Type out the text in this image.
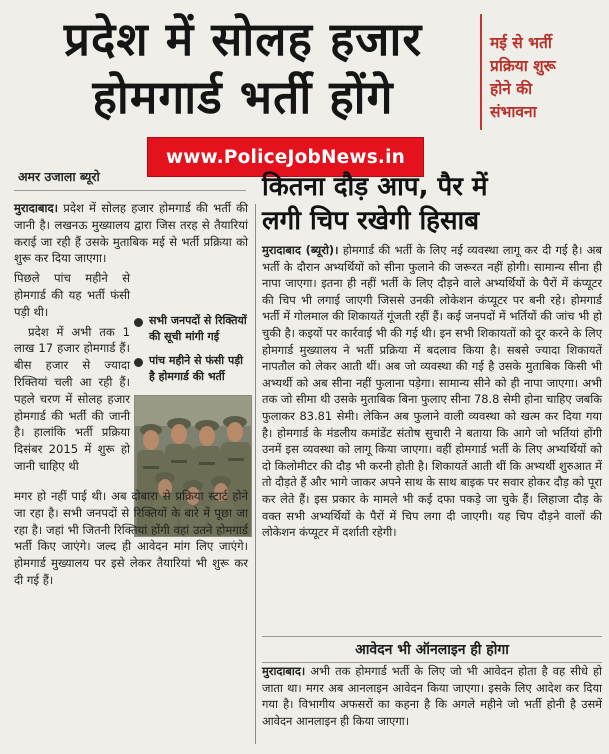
प्रदेश में सोलह हजार
होमगार्ड भर्ती होंगे
मई से भर्ती
प्रक्रिया शुरू
होने की
संभावना
अमर उजाला ब्यूरो
www.PoliceJobNews.in
कितना दौड़ आप, पैर में
लगी चिप रखेगी हिसाब

मुरादाबाद। प्रदेश में सोलह हजार होमगार्ड की भर्ती की जानी है। लखनऊ मुख्यालय द्वारा जिस तरह से तैयारियां कराई जा रही हैं उसके मुताबिक मई से भर्ती प्रक्रिया को शुरू कर दिया जाएगा।

पिछले पांच महीने से होमगार्ड की यह भर्ती फंसी पड़ी थी।

प्रदेश में अभी तक 1 लाख 17 हजार होमगार्ड हैं। बीस हजार से ज्यादा रिक्तियां चली आ रही हैं। पहले चरण में सोलह हजार होमगार्ड की भर्ती की जानी है। हालांकि भर्ती प्रक्रिया दिसंबर 2015 में शुरू हो जानी चाहिए थी

सभी जनपदों से रिक्तियों की सूची मांगी गई
पांच महीने से फंसी पड़ी है होमगार्ड की भर्ती
मगर हो नहीं पाई थी। अब दोबारा से प्रक्रिया स्टार्ट होने जा रहा है। सभी जनपदों से रिक्तियों के बारे में पूछा जा रहा है। जहां भी जितनी रिक्तियां होंगी वहां उतने होमगार्ड भर्ती किए जाएंगे। जल्द ही आवेदन मांग लिए जाएंगे। होमगार्ड मुख्यालय पर इसे लेकर तैयारियां भी शुरू कर दी गई हैं।
मुरादाबाद (ब्यूरो)। होमगार्ड की भर्ती के लिए नई व्यवस्था लागू कर दी गई है। अब भर्ती के दौरान अभ्यर्थियों को सीना फुलाने की जरूरत नहीं होगी। सामान्य सीना ही नापा जाएगा। इतना ही नहीं भर्ती के लिए दौड़ने वाले अभ्यर्थियों के पैरों में कंप्यूटर की चिप भी लगाई जाएगी जिससे उनकी लोकेशन कंप्यूटर पर बनी रहे। होमगार्ड भर्ती में गोलमाल की शिकायतें गूंजती रहीं हैं। कई जनपदों में भर्तियों की जांच भी हो चुकी है। कइयों पर कार्रवाई भी की गई थी। इन सभी शिकायतों को दूर करने के लिए होमगार्ड मुख्यालय ने भर्ती प्रक्रिया में बदलाव किया है। सबसे ज्यादा शिकायतें नापतौल को लेकर आती थीं। अब जो व्यवस्था की गई है उसके मुताबिक किसी भी अभ्यर्थी को अब सीना नहीं फुलाना पड़ेगा। सामान्य सीने को ही नापा जाएगा। अभी तक जो सीमा थी उसके मुताबिक बिना फुलाए सीना 78.8 सेमी होना चाहिए जबकि फुलाकर 83.81 सेमी। लेकिन अब फुलाने वाली व्यवस्था को खत्म कर दिया गया है। होमगार्ड के मंडलीय कमांडेंट संतोष सुचारी ने बताया कि आगे जो भर्तियां होंगी उनमें इस व्यवस्था को लागू किया जाएगा। वहीं होमगार्ड भर्ती के लिए अभ्यर्थियों को दो किलोमीटर की दौड़ भी करनी होती है। शिकायतें आती थीं कि अभ्यर्थी शुरुआत में तो दौड़ते हैं और भागे जाकर अपने साथ के साथ बाइक पर सवार होकर दौड़ को पूरा कर लेते हैं। इस प्रकार के मामले भी कई दफा पकड़े जा चुके हैं। लिहाजा दौड़ के वक्त सभी अभ्यर्थियों के पैरों में चिप लगा दी जाएगी। यह चिप दौड़ने वालों की लोकेशन कंप्यूटर में दर्शाती रहेगी।
आवेदन भी ऑनलाइन ही होगा
मुरादाबाद। अभी तक होमगार्ड भर्ती के लिए जो भी आवेदन होता है वह सीधे हो जाता था। मगर अब आनलाइन आवेदन किया जाएगा। इसके लिए आदेश कर दिया गया है। विभागीय अफसरों का कहना है कि अगले महीने जो भर्ती होनी है उसमें आवेदन आनलाइन ही किया जाएगा।
